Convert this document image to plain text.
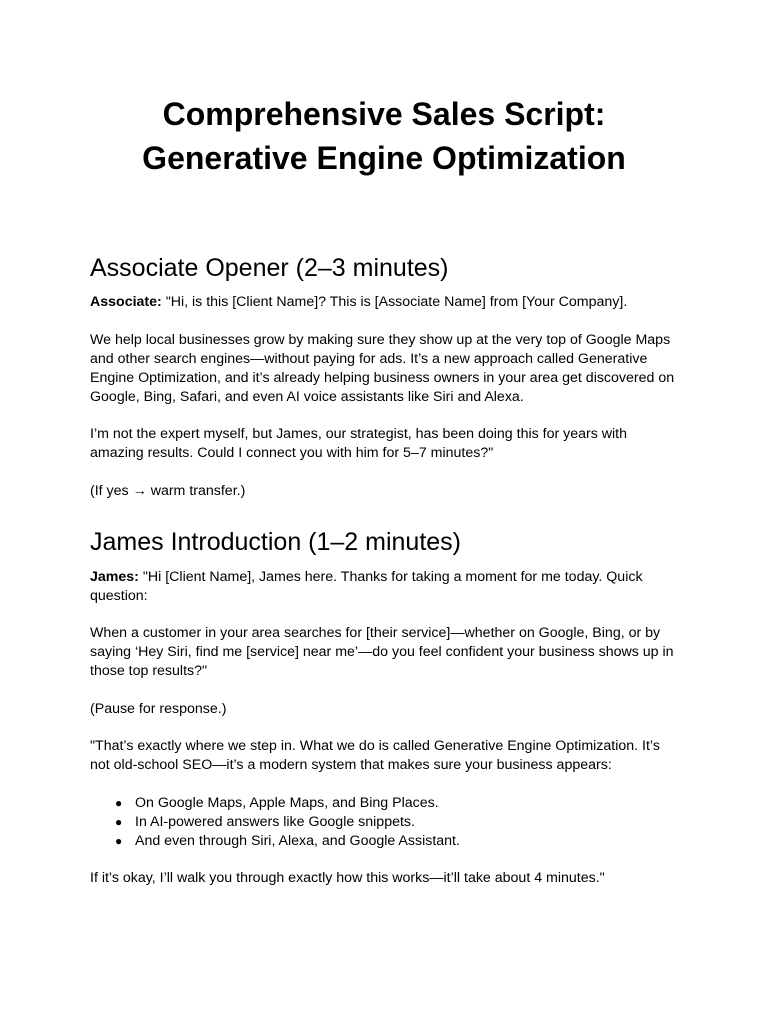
Comprehensive Sales Script:
Generative Engine Optimization
Associate Opener (2–3 minutes)

Associate: "Hi, is this [Client Name]? This is [Associate Name] from [Your Company].

We help local businesses grow by making sure they show up at the very top of Google Maps and other search engines—without paying for ads. It’s a new approach called Generative Engine Optimization, and it’s already helping business owners in your area get discovered on Google, Bing, Safari, and even AI voice assistants like Siri and Alexa.

I’m not the expert myself, but James, our strategist, has been doing this for years with amazing results. Could I connect you with him for 5–7 minutes?"

(If yes → warm transfer.)

James Introduction (1–2 minutes)

James: "Hi [Client Name], James here. Thanks for taking a moment for me today. Quick question:

When a customer in your area searches for [their service]—whether on Google, Bing, or by saying ‘Hey Siri, find me [service] near me’—do you feel confident your business shows up in those top results?"

(Pause for response.)

"That’s exactly where we step in. What we do is called Generative Engine Optimization. It’s not old-school SEO—it’s a modern system that makes sure your business appears:

● On Google Maps, Apple Maps, and Bing Places.
● In AI-powered answers like Google snippets.
● And even through Siri, Alexa, and Google Assistant.

If it’s okay, I’ll walk you through exactly how this works—it’ll take about 4 minutes."
